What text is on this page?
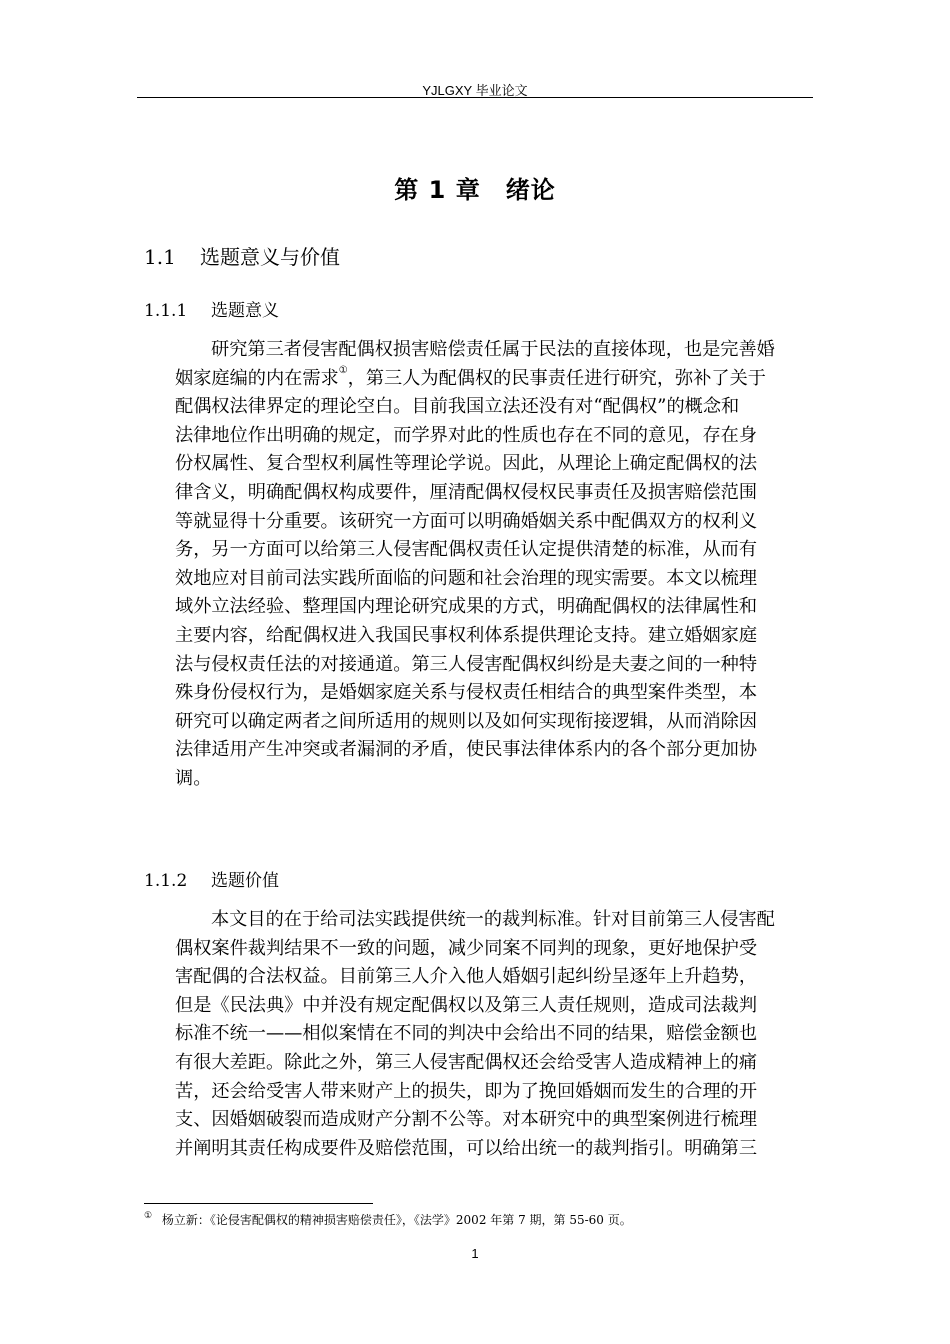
YJLGXY 毕业论文
第 1 章　绪论
1.1 选题意义与价值
1.1.1 选题意义
研究第三者侵害配偶权损害赔偿责任属于民法的直接体现，也是完善婚
姻家庭编的内在需求①，第三人为配偶权的民事责任进行研究，弥补了关于
配偶权法律界定的理论空白。目前我国立法还没有对“配偶权”的概念和
法律地位作出明确的规定，而学界对此的性质也存在不同的意见，存在身
份权属性、复合型权利属性等理论学说。因此，从理论上确定配偶权的法
律含义，明确配偶权构成要件，厘清配偶权侵权民事责任及损害赔偿范围
等就显得十分重要。该研究一方面可以明确婚姻关系中配偶双方的权利义
务，另一方面可以给第三人侵害配偶权责任认定提供清楚的标准，从而有
效地应对目前司法实践所面临的问题和社会治理的现实需要。本文以梳理
域外立法经验、整理国内理论研究成果的方式，明确配偶权的法律属性和
主要内容，给配偶权进入我国民事权利体系提供理论支持。建立婚姻家庭
法与侵权责任法的对接通道。第三人侵害配偶权纠纷是夫妻之间的一种特
殊身份侵权行为，是婚姻家庭关系与侵权责任相结合的典型案件类型，本
研究可以确定两者之间所适用的规则以及如何实现衔接逻辑，从而消除因
法律适用产生冲突或者漏洞的矛盾，使民事法律体系内的各个部分更加协
调。
1.1.2 选题价值
本文目的在于给司法实践提供统一的裁判标准。针对目前第三人侵害配
偶权案件裁判结果不一致的问题，减少同案不同判的现象，更好地保护受
害配偶的合法权益。目前第三人介入他人婚姻引起纠纷呈逐年上升趋势，
但是《民法典》中并没有规定配偶权以及第三人责任规则，造成司法裁判
标准不统一——相似案情在不同的判决中会给出不同的结果，赔偿金额也
有很大差距。除此之外，第三人侵害配偶权还会给受害人造成精神上的痛
苦，还会给受害人带来财产上的损失，即为了挽回婚姻而发生的合理的开
支、因婚姻破裂而造成财产分割不公等。对本研究中的典型案例进行梳理
并阐明其责任构成要件及赔偿范围，可以给出统一的裁判指引。明确第三
① 杨立新：《论侵害配偶权的精神损害赔偿责任》，《法学》2002 年第 7 期，第 55-60 页。
1
